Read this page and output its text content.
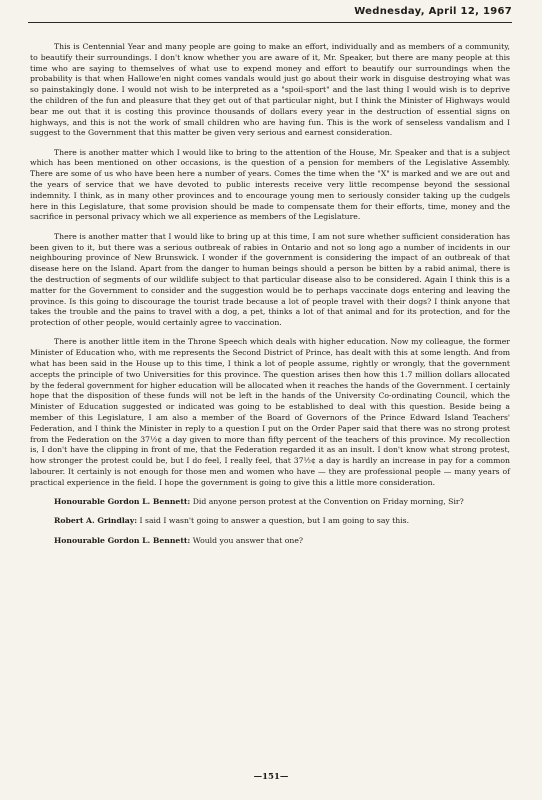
Wednesday, April 12, 1967

This is Centennial Year and many people are going to make an effort, individually and as members of a community, to beautify their surroundings. I don't know whether you are aware of it, Mr. Speaker, but there are many people at this time who are saying to themselves of what use to expend money and effort to beautify our surroundings when the probability is that when Hallowe'en night comes vandals would just go about their work in disguise destroying what was so painstakingly done. I would not wish to be interpreted as a "spoil-sport" and the last thing I would wish is to deprive the children of the fun and pleasure that they get out of that particular night, but I think the Minister of Highways would bear me out that it is costing this province thousands of dollars every year in the destruction of essential signs on highways, and this is not the work of small children who are having fun. This is the work of senseless vandalism and I suggest to the Government that this matter be given very serious and earnest consideration.

There is another matter which I would like to bring to the attention of the House, Mr. Speaker and that is a subject which has been mentioned on other occasions, is the question of a pension for members of the Legislative Assembly. There are some of us who have been here a number of years. Comes the time when the "X" is marked and we are out and the years of service that we have devoted to public interests receive very little recompense beyond the sessional indemnity. I think, as in many other provinces and to encourage young men to seriously consider taking up the cudgels here in this Legislature, that some provision should be made to compensate them for their efforts, time, money and the sacrifice in personal privacy which we all experience as members of the Legislature.

There is another matter that I would like to bring up at this time, I am not sure whether sufficient consideration has been given to it, but there was a serious outbreak of rabies in Ontario and not so long ago a number of incidents in our neighbouring province of New Brunswick. I wonder if the government is considering the impact of an outbreak of that disease here on the Island. Apart from the danger to human beings should a person be bitten by a rabid animal, there is the destruction of segments of our wildlife subject to that particular disease also to be considered. Again I think this is a matter for the Government to consider and the suggestion would be to perhaps vaccinate dogs entering and leaving the province. Is this going to discourage the tourist trade because a lot of people travel with their dogs? I think anyone that takes the trouble and the pains to travel with a dog, a pet, thinks a lot of that animal and for its protection, and for the protection of other people, would certainly agree to vaccination.

There is another little item in the Throne Speech which deals with higher education. Now my colleague, the former Minister of Education who, with me represents the Second District of Prince, has dealt with this at some length. And from what has been said in the House up to this time, I think a lot of people assume, rightly or wrongly, that the government accepts the principle of two Universities for this province. The question arises then how this 1.7 million dollars allocated by the federal government for higher education will be allocated when it reaches the hands of the Government. I certainly hope that the disposition of these funds will not be left in the hands of the University Co-ordinating Council, which the Minister of Education suggested or indicated was going to be established to deal with this question. Beside being a member of this Legislature, I am also a member of the Board of Governors of the Prince Edward Island Teachers' Federation, and I think the Minister in reply to a question I put on the Order Paper said that there was no strong protest from the Federation on the 37½¢ a day given to more than fifty percent of the teachers of this province. My recollection is, I don't have the clipping in front of me, that the Federation regarded it as an insult. I don't know what strong protest, how stronger the protest could be, but I do feel, I really feel, that 37½¢ a day is hardly an increase in pay for a common labourer. It certainly is not enough for those men and women who have — they are professional people — many years of practical experience in the field. I hope the government is going to give this a little more consideration.

Honourable Gordon L. Bennett: Did anyone person protest at the Convention on Friday morning, Sir?

Robert A. Grindlay: I said I wasn't going to answer a question, but I am going to say this.

Honourable Gordon L. Bennett: Would you answer that one?

—151—
